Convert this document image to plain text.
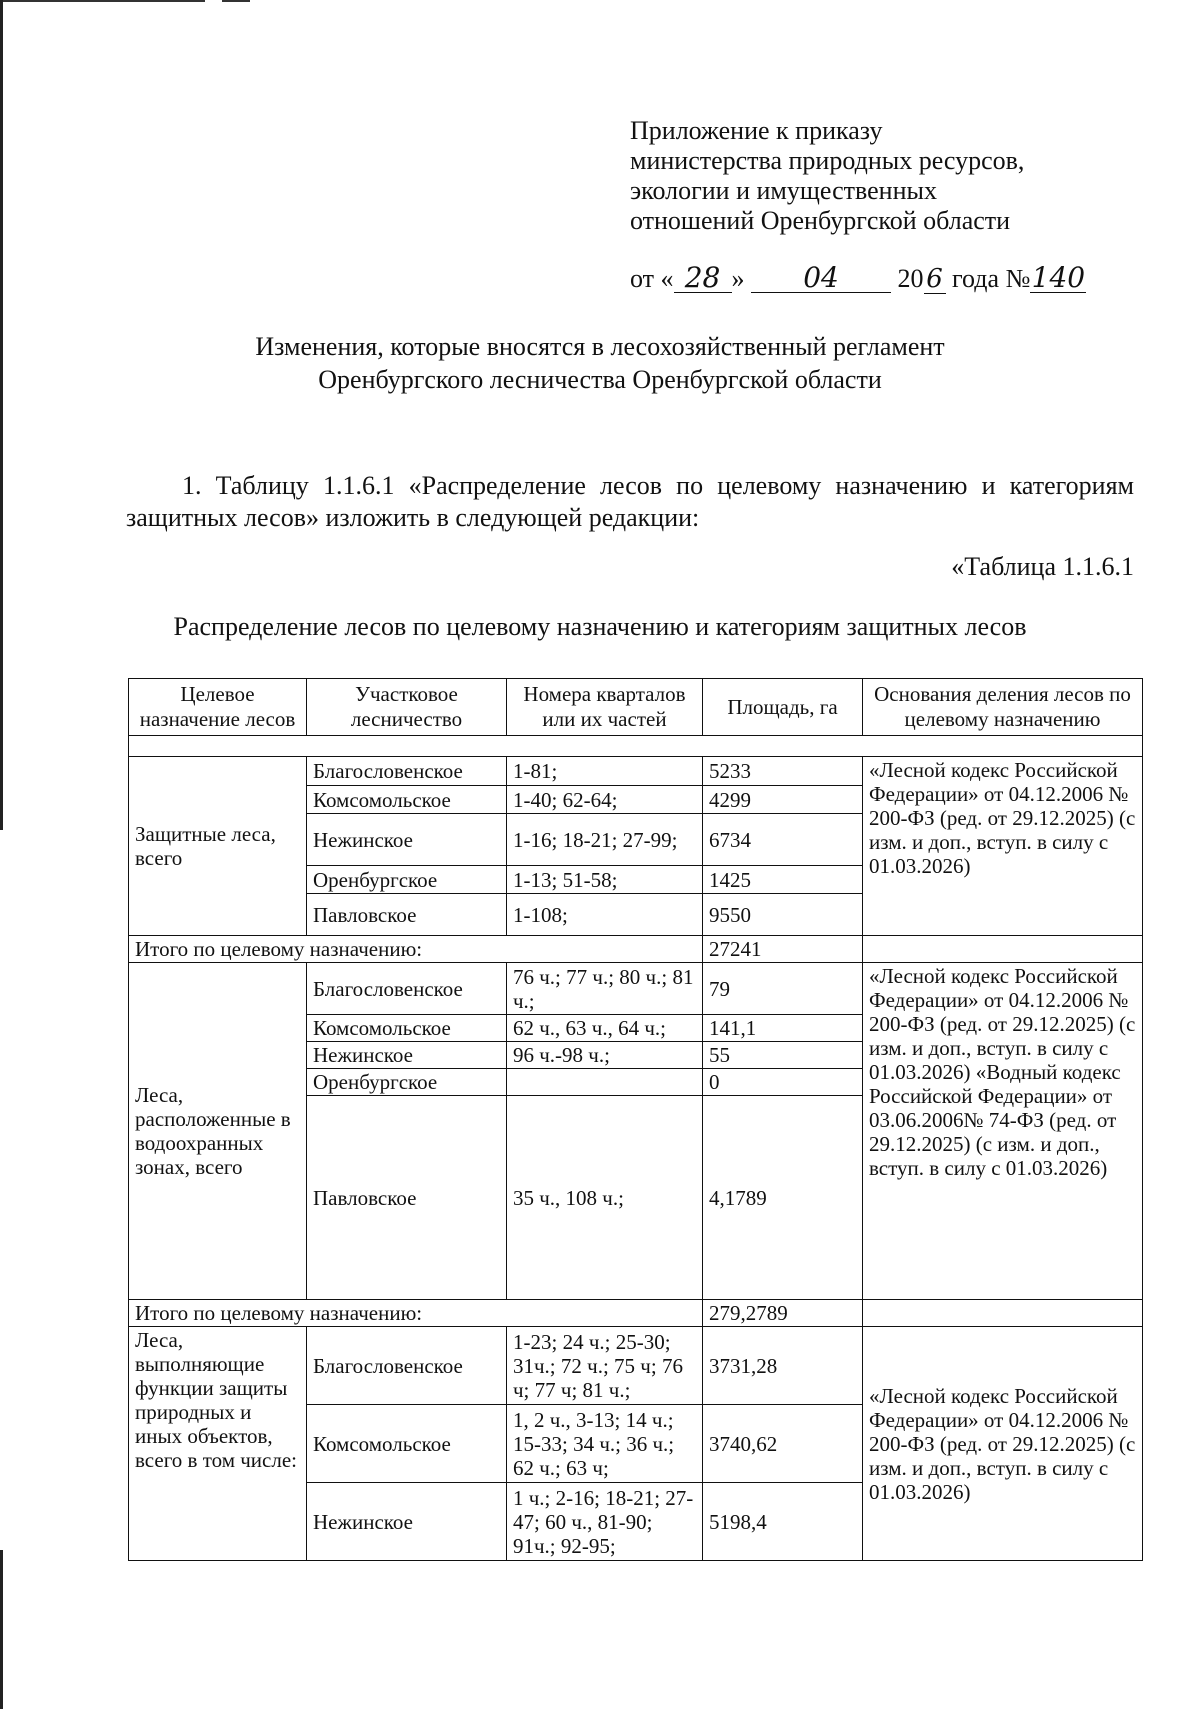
Приложение к приказу
министерства природных ресурсов,
экологии и имущественных
отношений Оренбургской области
от « 28 » 04 20 6 года №140
Изменения, которые вносятся в лесохозяйственный регламент
Оренбургского лесничества Оренбургской области
1. Таблицу 1.1.6.1 «Распределение лесов по целевому назначению и категориям защитных лесов» изложить в следующей редакции:
«Таблица 1.1.6.1
Распределение лесов по целевому назначению и категориям защитных лесов
Целевое назначение лесов	Участковое лесничество	Номера кварталов или их частей	Площадь, га	Основания деления лесов по целевому назначению

Защитные леса, всего	Благословенское	1-81;	5233	«Лесной кодекс Российской Федерации» от 04.12.2006 № 200-ФЗ (ред. от 29.12.2025) (с изм. и доп., вступ. в силу с 01.03.2026)
	Комсомольское	1-40; 62-64;	4299	
	Нежинское	1-16; 18-21; 27-99;	6734	
	Оренбургское	1-13; 51-58;	1425	
	Павловское	1-108;	9550	
Итого по целевому назначению:			27241	
Леса, расположенные в водоохранных зонах, всего	Благословенское	76 ч.; 77 ч.; 80 ч.; 81 ч.;	79	«Лесной кодекс Российской Федерации» от 04.12.2006 № 200-ФЗ (ред. от 29.12.2025) (с изм. и доп., вступ. в силу с 01.03.2026) «Водный кодекс Российской Федерации» от 03.06.2006№ 74-ФЗ (ред. от 29.12.2025) (с изм. и доп., вступ. в силу с 01.03.2026)
	Комсомольское	62 ч., 63 ч., 64 ч.;	141,1	
	Нежинское	96 ч.-98 ч.;	55	
	Оренбургское		0	
	Павловское	35 ч., 108 ч.;	4,1789	
Итого по целевому назначению:			279,2789	
Леса, выполняющие функции защиты природных и иных объектов, всего в том числе:	Благословенское	1-23; 24 ч.; 25-30; 31ч.; 72 ч.; 75 ч; 76 ч; 77 ч; 81 ч.;	3731,28	«Лесной кодекс Российской Федерации» от 04.12.2006 № 200-ФЗ (ред. от 29.12.2025) (с изм. и доп., вступ. в силу с 01.03.2026)
	Комсомольское	1, 2 ч., 3-13; 14 ч.; 15-33; 34 ч.; 36 ч.; 62 ч.; 63 ч;	3740,62	
	Нежинское	1 ч.; 2-16; 18-21; 27-47; 60 ч., 81-90; 91ч.; 92-95;	5198,4	
